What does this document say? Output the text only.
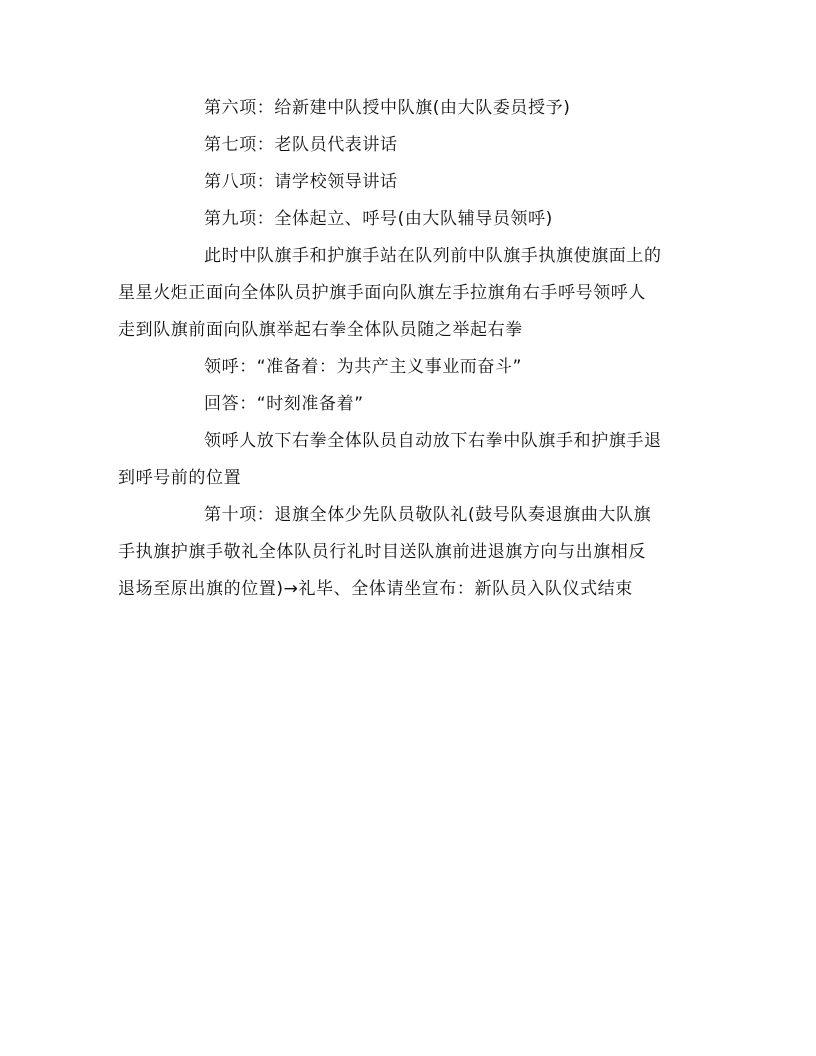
第六项：给新建中队授中队旗(由大队委员授予)
第七项：老队员代表讲话
第八项：请学校领导讲话
第九项：全体起立、呼号(由大队辅导员领呼)
此时中队旗手和护旗手站在队列前中队旗手执旗使旗面上的
星星火炬正面向全体队员护旗手面向队旗左手拉旗角右手呼号领呼人
走到队旗前面向队旗举起右拳全体队员随之举起右拳
领呼：“准备着：为共产主义事业而奋斗”
回答：“时刻准备着”
领呼人放下右拳全体队员自动放下右拳中队旗手和护旗手退
到呼号前的位置
第十项：退旗全体少先队员敬队礼(鼓号队奏退旗曲大队旗
手执旗护旗手敬礼全体队员行礼时目送队旗前进退旗方向与出旗相反
退场至原出旗的位置)→礼毕、全体请坐宣布：新队员入队仪式结束
